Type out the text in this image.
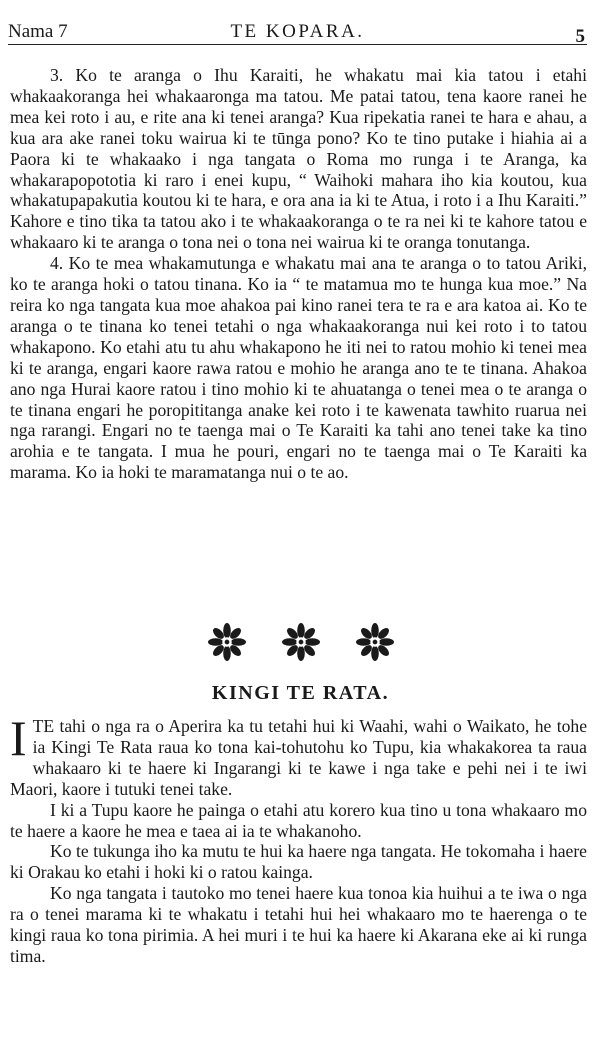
Nama 7	TE KOPARA.	5

3. Ko te aranga o Ihu Karaiti, he whakatu mai kia tatou i etahi whakaakoranga hei whakaaronga ma tatou. Me patai tatou, tena kaore ranei he mea kei roto i au, e rite ana ki tenei aranga? Kua ripekatia ranei te hara e ahau, a kua ara ake ranei toku wairua ki te tūnga pono? Ko te tino putake i hiahia ai a Paora ki te whakaako i nga tangata o Roma mo runga i te Aranga, ka whakarapopototia ki raro i enei kupu, “ Waihoki mahara iho kia koutou, kua whakatupapakutia koutou ki te hara, e ora ana ia ki te Atua, i roto i a Ihu Karaiti.” Kahore e tino tika ta tatou ako i te whakaakoranga o te ra nei ki te kahore tatou e whakaaro ki te aranga o tona nei o tona nei wairua ki te oranga tonutanga.

4. Ko te mea whakamutunga e whakatu mai ana te aranga o to tatou Ariki, ko te aranga hoki o tatou tinana. Ko ia “ te matamua mo te hunga kua moe.” Na reira ko nga tangata kua moe ahakoa pai kino ranei tera te ra e ara katoa ai. Ko te aranga o te tinana ko tenei tetahi o nga whakaakoranga nui kei roto i to tatou whakapono. Ko etahi atu tu ahu whakapono he iti nei to ratou mohio ki tenei mea ki te aranga, engari kaore rawa ratou e mohio he aranga ano te te tinana. Ahakoa ano nga Hurai kaore ratou i tino mohio ki te ahuatanga o tenei mea o te aranga o te tinana engari he poropititanga anake kei roto i te kawenata tawhito ruarua nei nga rarangi. Engari no te taenga mai o Te Karaiti ka tahi ano tenei take ka tino arohia e te tangata. I mua he pouri, engari no te taenga mai o Te Karaiti ka marama. Ko ia hoki te maramatanga nui o te ao.

KINGI TE RATA.

ITE tahi o nga ra o Aperira ka tu tetahi hui ki Waahi, wahi o Waikato, he tohe ia Kingi Te Rata raua ko tona kai-tohutohu ko Tupu, kia whakakorea ta raua whakaaro ki te haere ki Ingarangi ki te kawe i nga take e pehi nei i te iwi Maori, kaore i tutuki tenei take.

I ki a Tupu kaore he painga o etahi atu korero kua tino u tona whakaaro mo te haere a kaore he mea e taea ai ia te whakanoho.

Ko te tukunga iho ka mutu te hui ka haere nga tangata. He tokomaha i haere ki Orakau ko etahi i hoki ki o ratou kainga.

Ko nga tangata i tautoko mo tenei haere kua tonoa kia huihui a te iwa o nga ra o tenei marama ki te whakatu i tetahi hui hei whakaaro mo te haerenga o te kingi raua ko tona pirimia. A hei muri i te hui ka haere ki Akarana eke ai ki runga tima.
